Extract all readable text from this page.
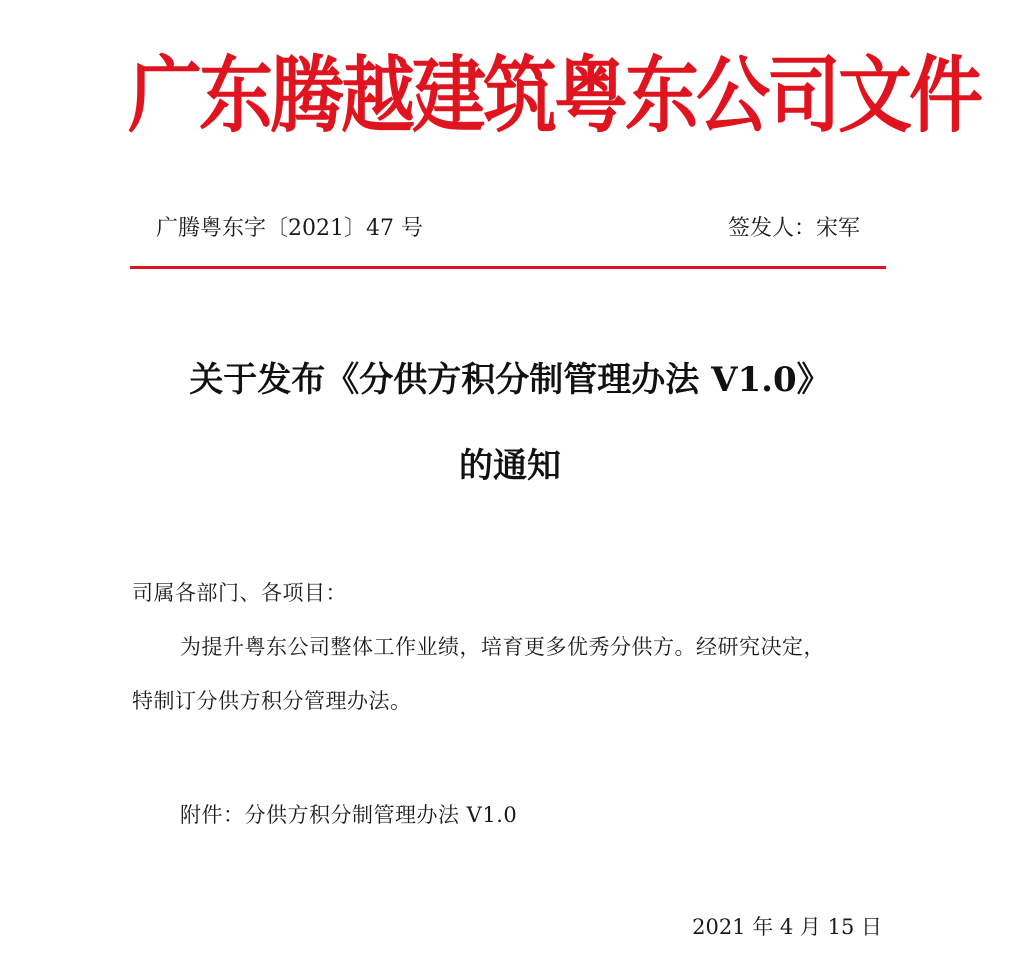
广东腾越建筑粤东公司文件
广腾粤东字〔2021〕47 号	签发人：宋军
关于发布《分供方积分制管理办法 V1.0》
的通知
司属各部门、各项目：
为提升粤东公司整体工作业绩，培育更多优秀分供方。经研究决定，
特制订分供方积分管理办法。
附件：分供方积分制管理办法 V1.0
2021 年 4 月 15 日
